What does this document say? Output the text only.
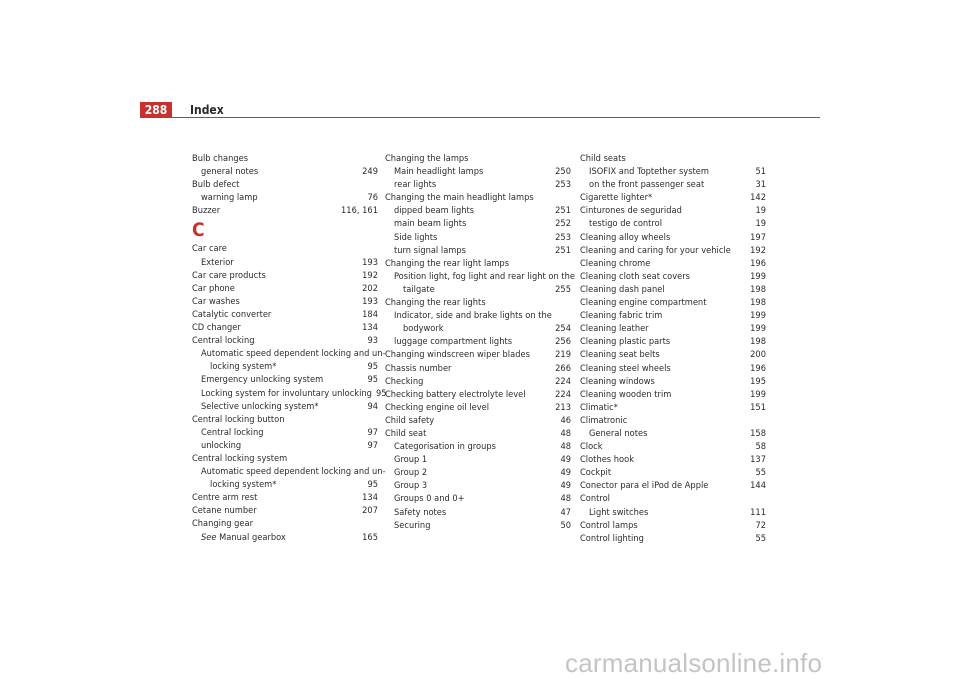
288	Index
Bulb changes
general notes . . .	249
Bulb defect
warning lamp . . .	76
Buzzer . . .	116, 161
C
Car care
Exterior . . .	193
Car care products . . .	192
Car phone . . .	202
Car washes . . .	193
Catalytic converter . . .	184
CD changer . . .	134
Central locking . . .	93
Automatic speed dependent locking and un-
locking system* . . .	95
Emergency unlocking system . . .	95
Locking system for involuntary unlocking 95
Selective unlocking system* . . .	94
Central locking button
Central locking . . .	97
unlocking . . .	97
Central locking system
Automatic speed dependent locking and un-
locking system* . . .	95
Centre arm rest . . .	134
Cetane number . . .	207
Changing gear
See Manual gearbox . . .	165
Changing the lamps
Main headlight lamps . . .	250
rear lights . . .	253
Changing the main headlight lamps
dipped beam lights . . .	251
main beam lights . . .	252
Side lights . . .	253
turn signal lamps . . .	251
Changing the rear light lamps
Position light, fog light and rear light on the
tailgate . . .	255
Changing the rear lights
Indicator, side and brake lights on the
bodywork . . .	254
luggage compartment lights . . .	256
Changing windscreen wiper blades . . .	219
Chassis number . . .	266
Checking . . .	224
Checking battery electrolyte level . . .	224
Checking engine oil level . . .	213
Child safety . . .	46
Child seat . . .	48
Categorisation in groups . . .	48
Group 1 . . .	49
Group 2 . . .	49
Group 3 . . .	49
Groups 0 and 0+ . . .	48
Safety notes . . .	47
Securing . . .	50
Child seats
ISOFIX and Toptether system . . .	51
on the front passenger seat . . .	31
Cigarette lighter* . . .	142
Cinturones de seguridad . . .	19
testigo de control . . .	19
Cleaning alloy wheels . . .	197
Cleaning and caring for your vehicle . . . 192
Cleaning chrome . . .	196
Cleaning cloth seat covers . . .	199
Cleaning dash panel . . .	198
Cleaning engine compartment . . .	198
Cleaning fabric trim . . .	199
Cleaning leather . . .	199
Cleaning plastic parts . . .	198
Cleaning seat belts . . .	200
Cleaning steel wheels . . .	196
Cleaning windows . . .	195
Cleaning wooden trim . . .	199
Climatic* . . .	151
Climatronic
General notes . . .	158
Clock . . .	58
Clothes hook . . .	137
Cockpit . . .	55
Conector para el iPod de Apple . . .	144
Control
Light switches . . .	111
Control lamps . . .	72
Control lighting . . .	55
carmanualsonline.info
